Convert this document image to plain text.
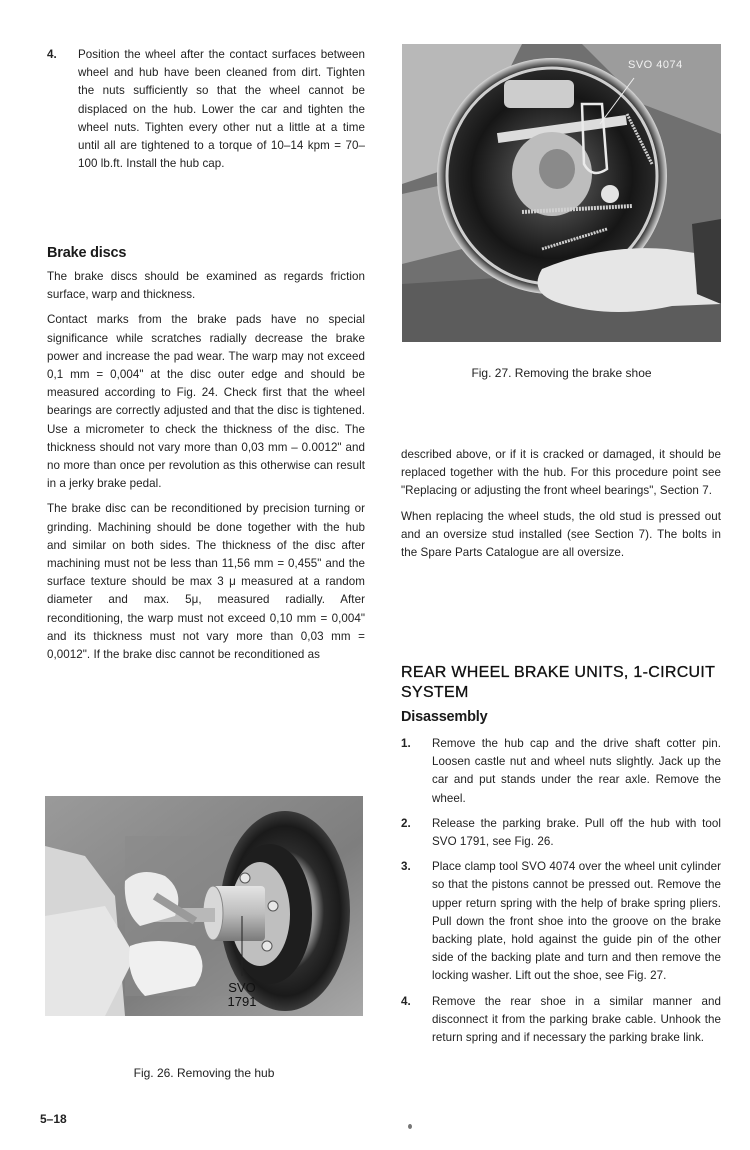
4. Position the wheel after the contact surfaces between wheel and hub have been cleaned from dirt. Tighten the nuts sufficiently so that the wheel cannot be displaced on the hub. Lower the car and tighten the wheel nuts. Tighten every other nut a little at a time until all are tightened to a torque of 10–14 kpm = 70–100 lb.ft. Install the hub cap.

Brake discs

The brake discs should be examined as regards friction surface, warp and thickness.

Contact marks from the brake pads have no special significance while scratches radially decrease the brake power and increase the pad wear. The warp may not exceed 0,1 mm = 0,004" at the disc outer edge and should be measured according to Fig. 24. Check first that the wheel bearings are correctly adjusted and that the disc is tightened. Use a micrometer to check the thickness of the disc. The thickness should not vary more than 0,03 mm – 0.0012" and no more than once per revolution as this otherwise can result in a jerky brake pedal.

The brake disc can be reconditioned by precision turning or grinding. Machining should be done together with the hub and similar on both sides. The thickness of the disc after machining must not be less than 11,56 mm = 0,455" and the surface texture should be max 3 μ measured at a random diameter and max. 5μ, measured radially. After reconditioning, the warp must not exceed 0,10 mm = 0,004" and its thickness must not vary more than 0,03 mm = 0,0012". If the brake disc cannot be reconditioned as

SVO
1791
Fig. 26. Removing the hub
SVO 4074
Fig. 27. Removing the brake shoe

described above, or if it is cracked or damaged, it should be replaced together with the hub. For this procedure point see "Replacing or adjusting the front wheel bearings", Section 7.

When replacing the wheel studs, the old stud is pressed out and an oversize stud installed (see Section 7). The bolts in the Spare Parts Catalogue are all oversize.

REAR WHEEL BRAKE UNITS, 1-CIRCUIT SYSTEM
Disassembly
1. Remove the hub cap and the drive shaft cotter pin. Loosen castle nut and wheel nuts slightly. Jack up the car and put stands under the rear axle. Remove the wheel.

2. Release the parking brake. Pull off the hub with tool SVO 1791, see Fig. 26.

3. Place clamp tool SVO 4074 over the wheel unit cylinder so that the pistons cannot be pressed out. Remove the upper return spring with the help of brake spring pliers. Pull down the front shoe into the groove on the brake backing plate, hold against the guide pin of the other side of the backing plate and turn and then remove the locking washer. Lift out the shoe, see Fig. 27.

4. Remove the rear shoe in a similar manner and disconnect it from the parking brake cable. Unhook the return spring and if necessary the parking brake link.

5–18
